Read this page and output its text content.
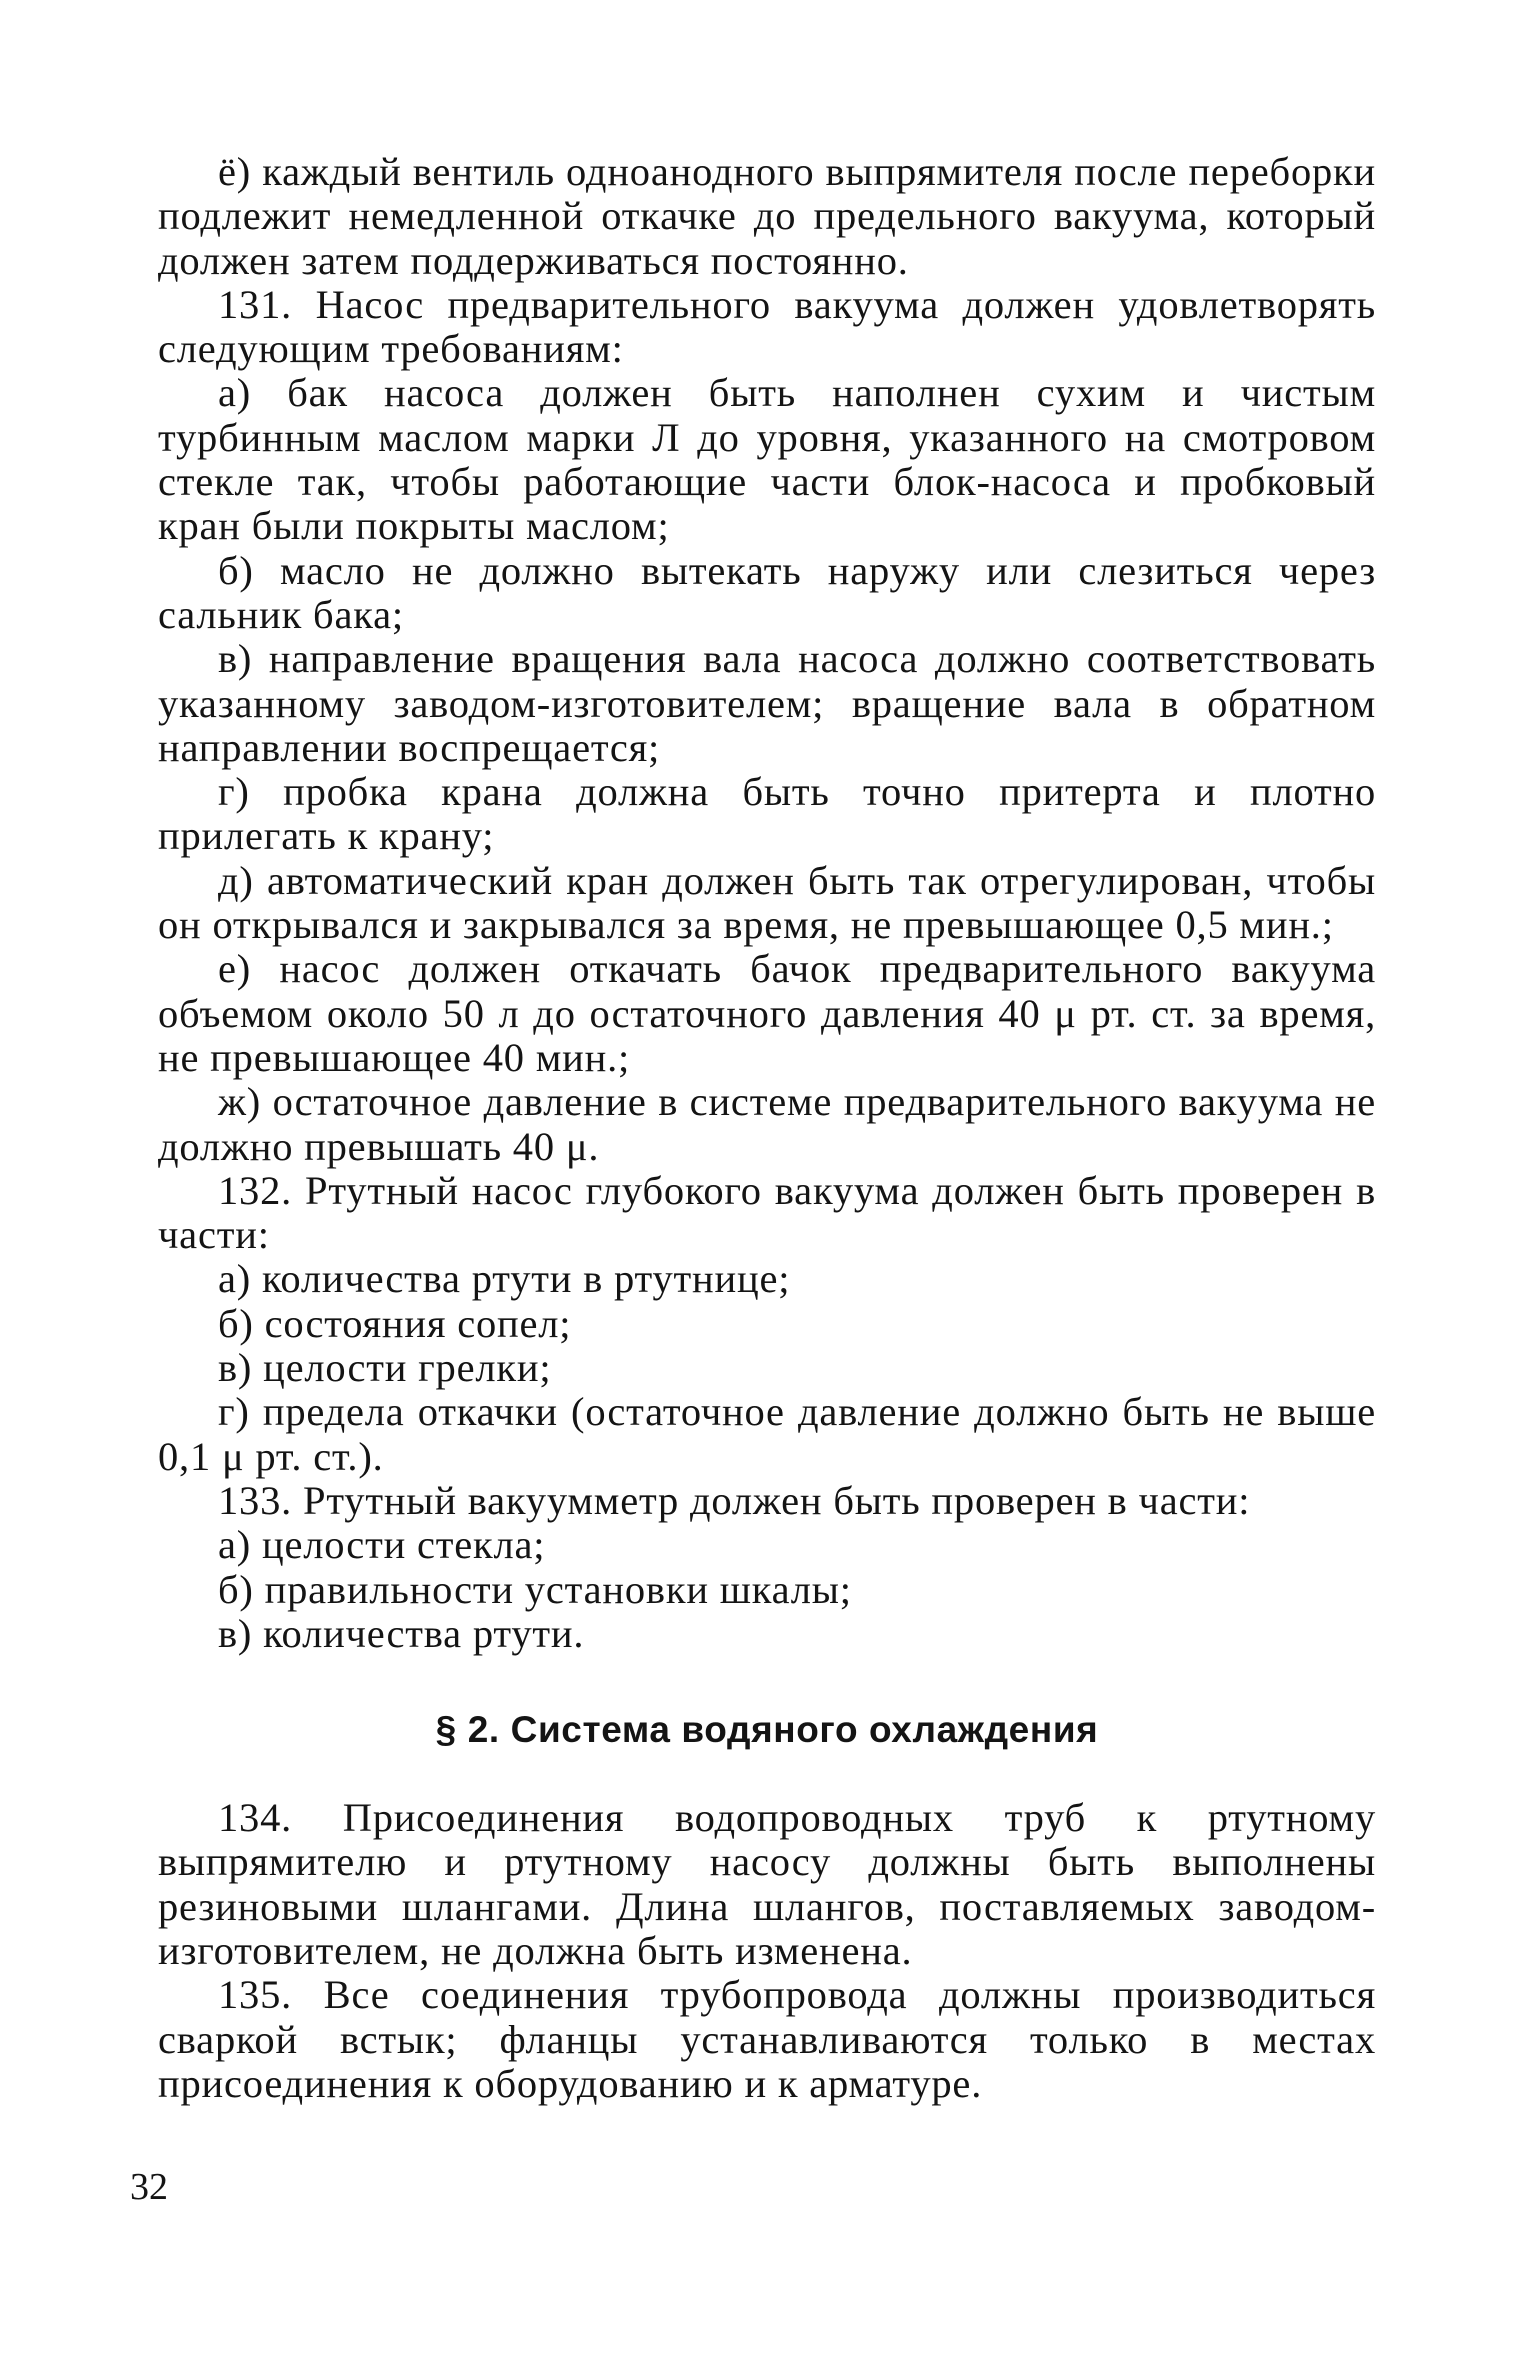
ё) каждый вентиль одноанодного выпрямителя после переборки подлежит немедленной откачке до предельного вакуума, который должен затем поддерживаться постоянно.

131. Насос предварительного вакуума должен удовлетворять следующим требованиям:

а) бак насоса должен быть наполнен сухим и чистым турбинным маслом марки Л до уровня, указанного на смотровом стекле так, чтобы работающие части блок-насоса и пробковый кран были покрыты маслом;

б) масло не должно вытекать наружу или слезиться через сальник бака;

в) направление вращения вала насоса должно соответствовать указанному заводом-изготовителем; вращение вала в обратном направлении воспрещается;

г) пробка крана должна быть точно притерта и плотно прилегать к крану;

д) автоматический кран должен быть так отрегулирован, чтобы он открывался и закрывался за время, не превышающее 0,5 мин.;

е) насос должен откачать бачок предварительного вакуума объемом около 50 л до остаточного давления 40 μ рт. ст. за время, не превышающее 40 мин.;

ж) остаточное давление в системе предварительного вакуума не должно превышать 40 μ.

132. Ртутный насос глубокого вакуума должен быть проверен в части:

а) количества ртути в ртутнице;

б) состояния сопел;

в) целости грелки;

г) предела откачки (остаточное давление должно быть не выше 0,1 μ рт. ст.).

133. Ртутный вакуумметр должен быть проверен в части:

а) целости стекла;

б) правильности установки шкалы;

в) количества ртути.

§ 2. Система водяного охлаждения

134. Присоединения водопроводных труб к ртутному выпрямителю и ртутному насосу должны быть выполнены резиновыми шлангами. Длина шлангов, поставляемых заводом-изготовителем, не должна быть изменена.

135. Все соединения трубопровода должны производиться сваркой встык; фланцы устанавливаются только в местах присоединения к оборудованию и к арматуре.

32
